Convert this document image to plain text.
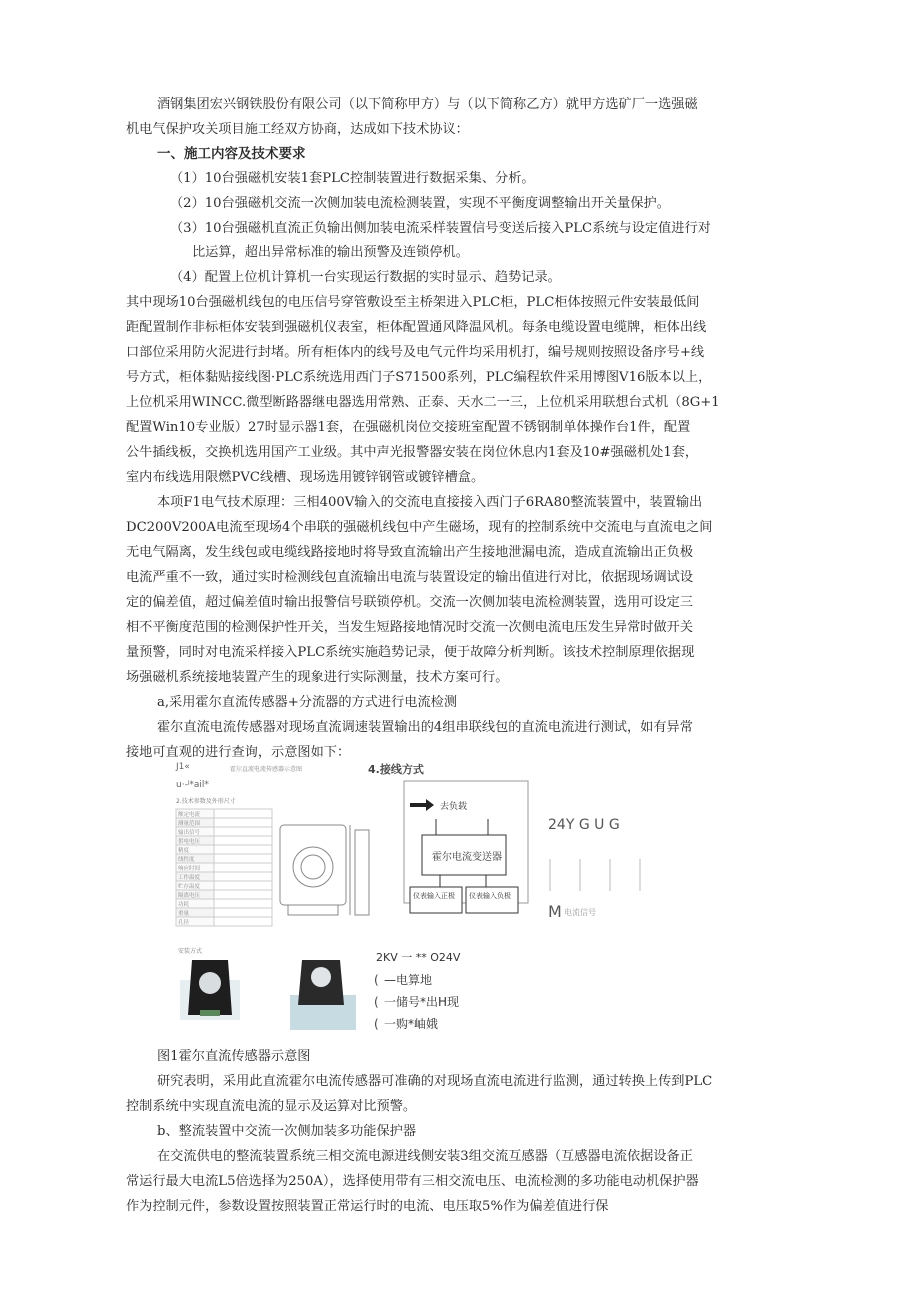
酒钢集团宏兴钢铁股份有限公司（以下简称甲方）与（以下简称乙方）就甲方选矿厂一选强磁
机电气保护攻关项目施工经双方协商，达成如下技术协议：
一、施工内容及技术要求
（1）10台强磁机安装1套PLC控制装置进行数据采集、分析。
（2）10台强磁机交流一次侧加装电流检测装置，实现不平衡度调整输出开关量保护。
（3）10台强磁机直流正负输出侧加装电流采样装置信号变送后接入PLC系统与设定值进行对
比运算，超出异常标准的输出预警及连锁停机。
（4）配置上位机计算机一台实现运行数据的实时显示、趋势记录。
其中现场10台强磁机线包的电压信号穿管敷设至主桥架进入PLC柜，PLC柜体按照元件安装最低间
距配置制作非标柜体安装到强磁机仪表室，柜体配置通风降温风机。每条电缆设置电缆牌，柜体出线
口部位采用防火泥进行封堵。所有柜体内的线号及电气元件均采用机打，编号规则按照设备序号+线
号方式，柜体黏贴接线图·PLC系统选用西门子S71500系列，PLC编程软件采用博图V16版本以上，
上位机采用WINCC.微型断路器继电器选用常熟、正泰、天水二一三，上位机采用联想台式机（8G+1
配置Win10专业版）27时显示器1套，在强磁机岗位交接班室配置不锈钢制单体操作台1件，配置
公牛插线板，交换机选用国产工业级。其中声光报警器安装在岗位休息内1套及10#强磁机处1套，
室内布线选用限燃PVC线槽、现场选用镀锌钢管或镀锌槽盒。
本项F1电气技术原理：三相400V输入的交流电直接接入西门子6RA80整流装置中，装置输出
DC200V200A电流至现场4个串联的强磁机线包中产生磁场，现有的控制系统中交流电与直流电之间
无电气隔离，发生线包或电缆线路接地时将导致直流输出产生接地泄漏电流，造成直流输出正负极
电流严重不一致，通过实时检测线包直流输出电流与装置设定的输出值进行对比，依据现场调试设
定的偏差值，超过偏差值时输出报警信号联锁停机。交流一次侧加装电流检测装置，选用可设定三
相不平衡度范围的检测保护性开关，当发生短路接地情况时交流一次侧电流电压发生异常时做开关
量预警，同时对电流采样接入PLC系统实施趋势记录，便于故障分析判断。该技术控制原理依据现
场强磁机系统接地装置产生的现象进行实际测量，技术方案可行。
a,采用霍尔直流传感器+分流器的方式进行电流检测
霍尔直流电流传感器对现场直流调速装置输出的4组串联线包的直流电流进行测试，如有异常
接地可直观的进行查询，示意图如下：
J1«
u·-ʲ*ail*
霍尔直流电流传感器示意图	4.接线方式
2.技术参数及外形尺寸
额定电流
测量范围
输出信号
供电电压
精度
线性度
响应时间
工作温度
贮存温度
隔离电压
功耗
重量
孔径
安装方式
去负载
霍尔电流变送器
仪表输入正极 仪表输入负极
24Y G U G
M 电流信号
2KV 一 ** O24V
( —电算地
( 一储号*出H现
( 一购*岫娥
图1霍尔直流传感器示意图
研究表明，采用此直流霍尔电流传感器可准确的对现场直流电流进行监测，通过转换上传到PLC
控制系统中实现直流电流的显示及运算对比预警。
b、整流装置中交流一次侧加装多功能保护器
在交流供电的整流装置系统三相交流电源进线侧安装3组交流互感器（互感器电流依据设备正
常运行最大电流L5倍选择为250A），选择使用带有三相交流电压、电流检测的多功能电动机保护器
作为控制元件，参数设置按照装置正常运行时的电流、电压取5%作为偏差值进行保
